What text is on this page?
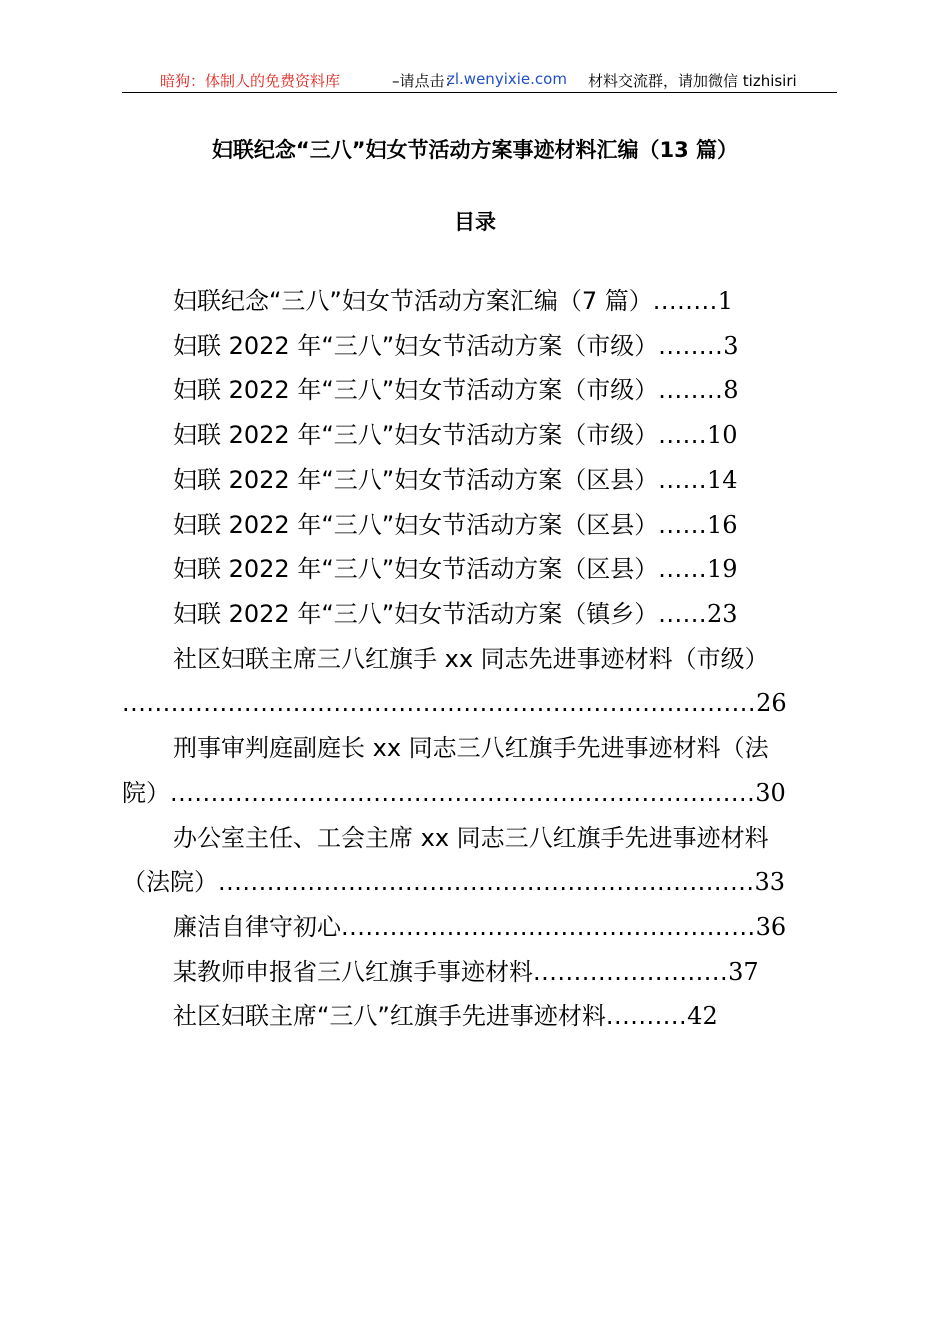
暗狗：体制人的免费资料库	–请点击：
zl.wenyixie.com 材料交流群，请加微信 tizhisiri
妇联纪念“三八”妇女节活动方案事迹材料汇编（13 篇）
目录
妇联纪念“三八”妇女节活动方案汇编（7 篇）........1
妇联 2022 年“三八”妇女节活动方案（市级）........3
妇联 2022 年“三八”妇女节活动方案（市级）........8
妇联 2022 年“三八”妇女节活动方案（市级）......10
妇联 2022 年“三八”妇女节活动方案（区县）......14
妇联 2022 年“三八”妇女节活动方案（区县）......16
妇联 2022 年“三八”妇女节活动方案（区县）......19
妇联 2022 年“三八”妇女节活动方案（镇乡）......23
社区妇联主席三八红旗手 xx 同志先进事迹材料（市级）
..............................................................................26
刑事审判庭副庭长 xx 同志三八红旗手先进事迹材料（法
院）........................................................................30
办公室主任、工会主席 xx 同志三八红旗手先进事迹材料
（法院）..................................................................33
廉洁自律守初心...................................................36
某教师申报省三八红旗手事迹材料........................37
社区妇联主席“三八”红旗手先进事迹材料..........42
